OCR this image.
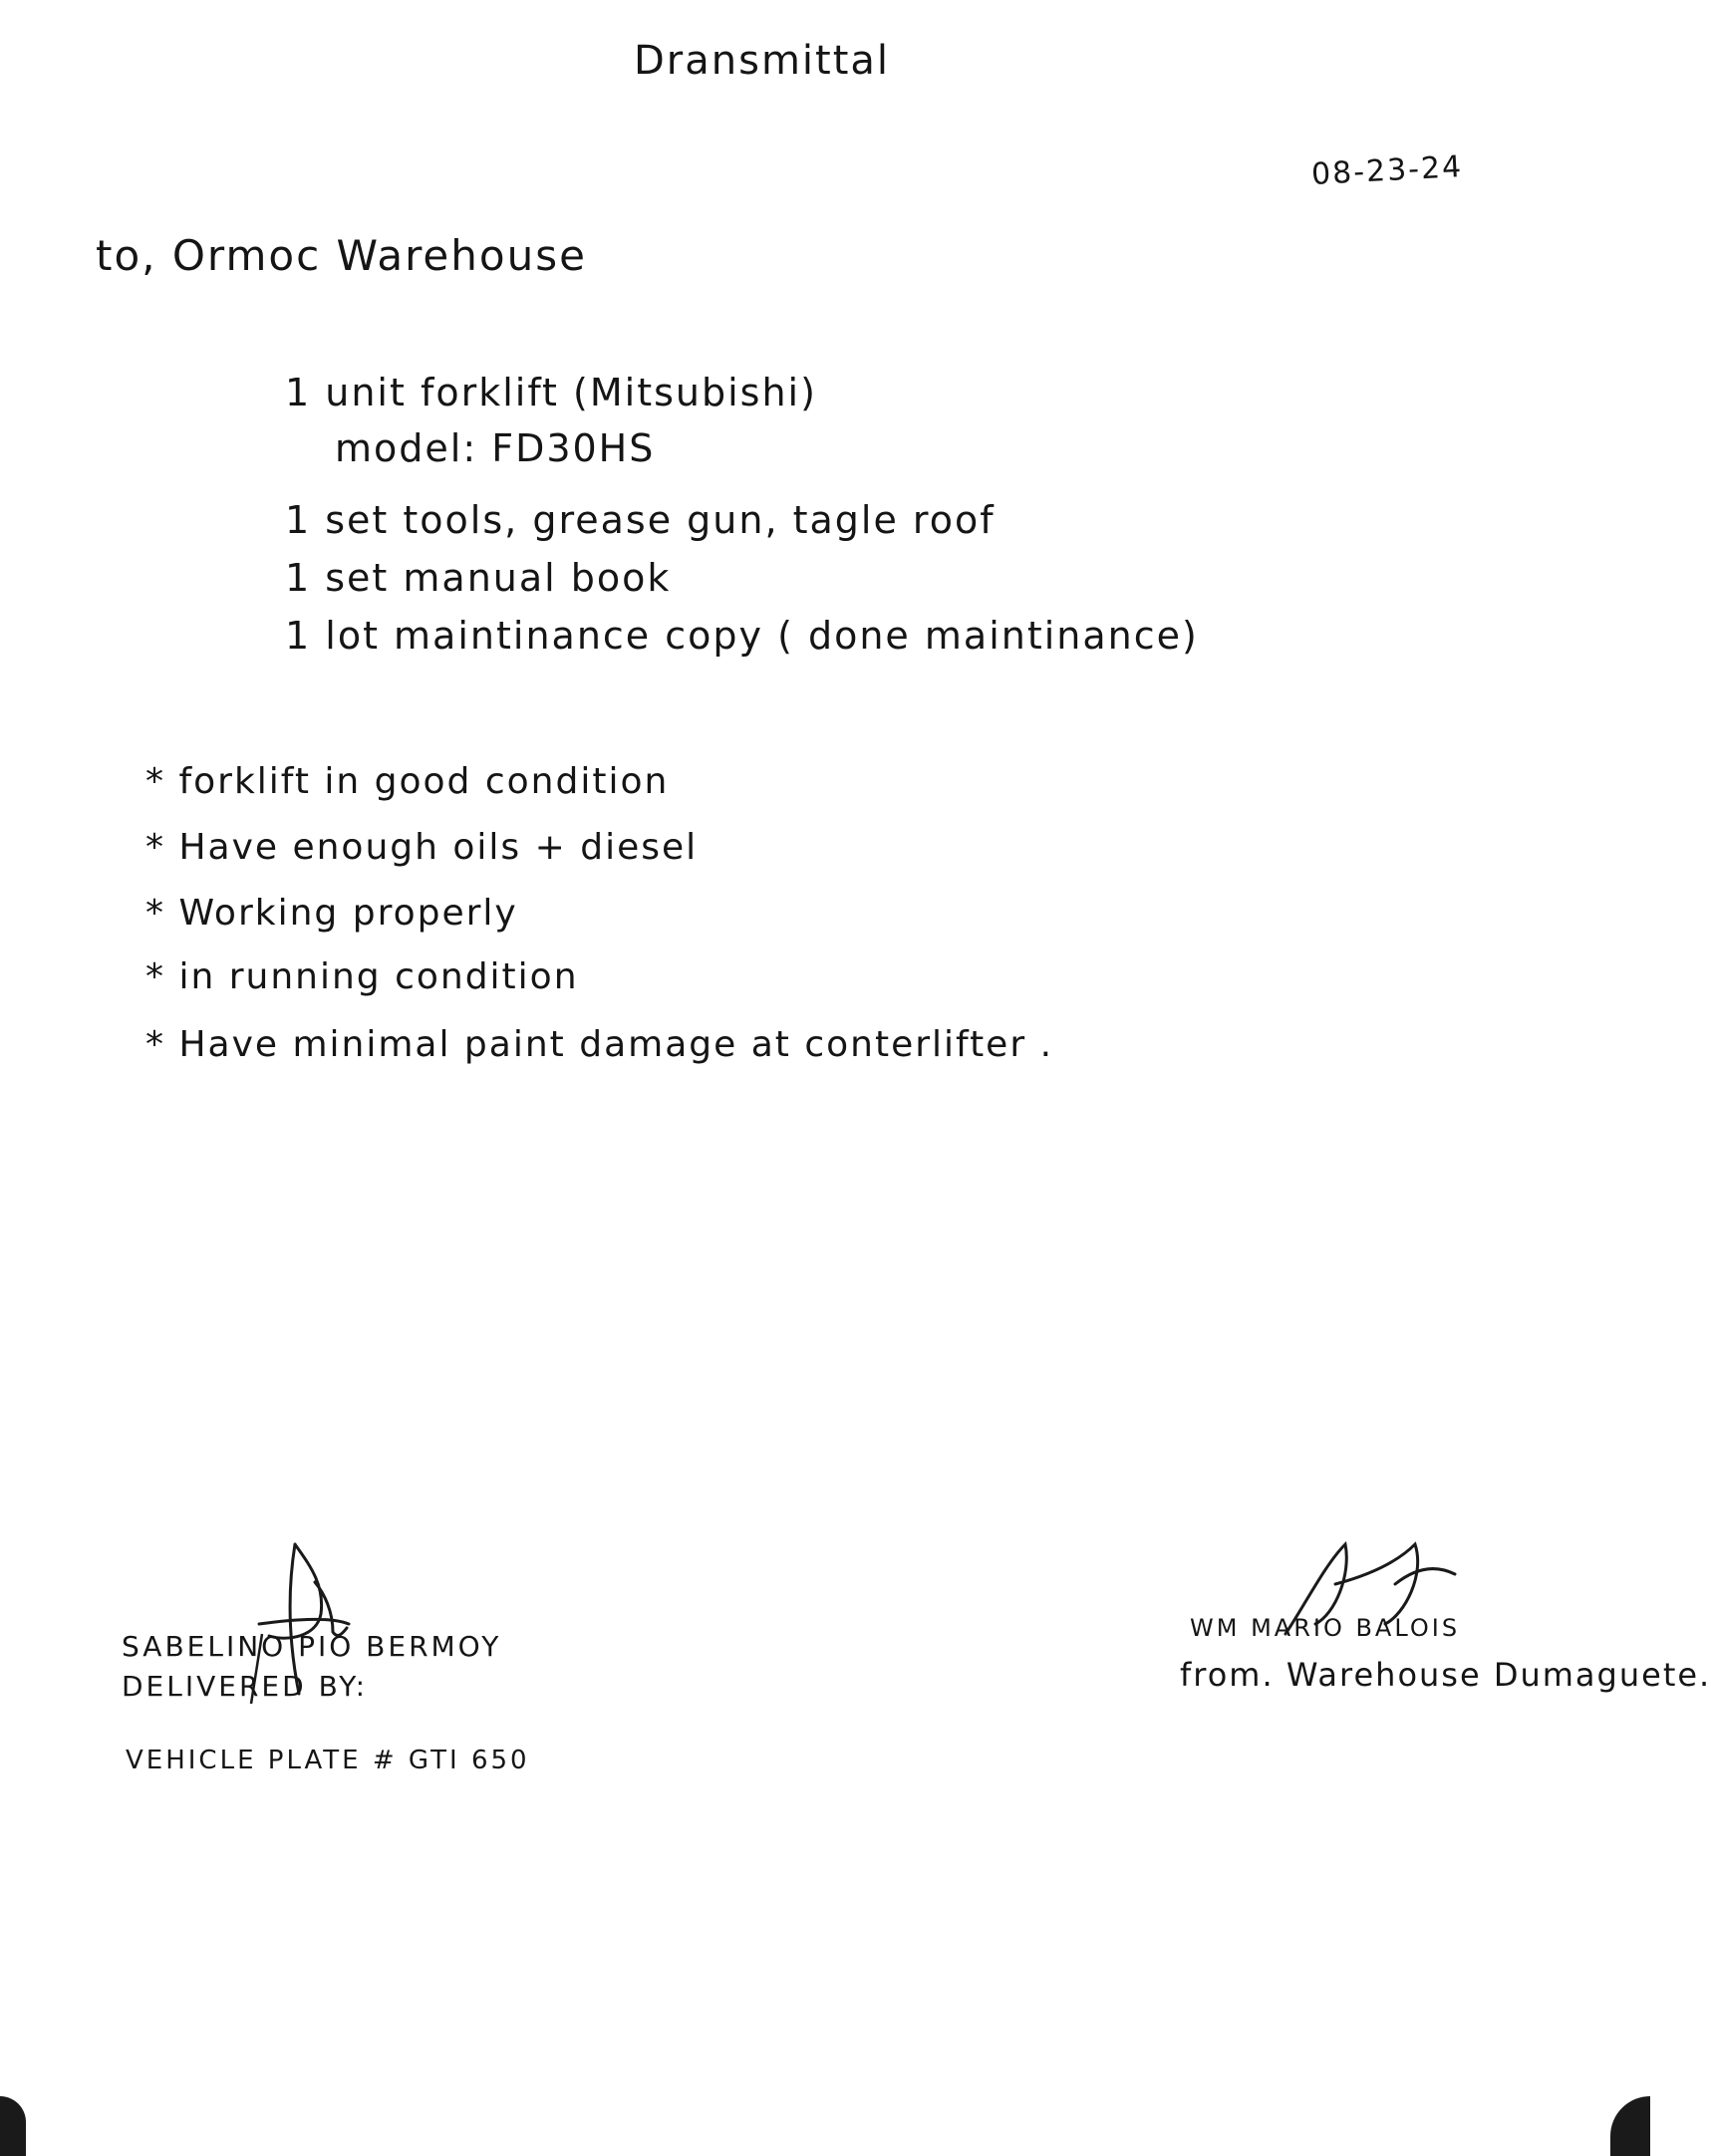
Dransmittal

08-23-24

to, Ormoc Warehouse

1 unit forklift (Mitsubishi)

model: FD30HS

1 set tools, grease gun, tagle roof

1 set manual book

1 lot maintinance copy ( done maintinance)

* forklift in good condition

* Have enough oils + diesel

* Working properly

* in running condition

* Have minimal paint damage at conterlifter .

SABELINO PIO BERMOY

DELIVERED BY:

VEHICLE PLATE # GTI 650

WM MARIO BALOIS

from. Warehouse Dumaguete.
